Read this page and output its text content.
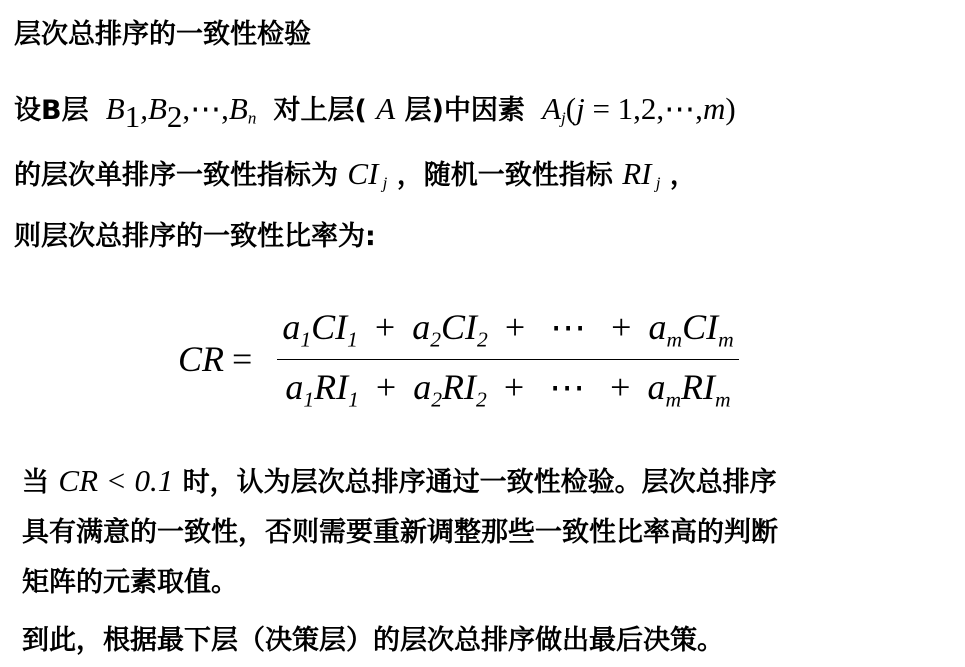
层次总排序的一致性检验
设B层  $B_1,B_2,\cdots,B_n$ 对上层( A 层)中因素  $A_j(j$ = 1,2,⋯,m)
的层次单排序一致性指标为 CI $_j$ ，随机一致性指标 RI $_j$ ，
则层次总排序的一致性比率为:
CR =
$a_1CI_1 + a_2CI_2$ + ⋯ + $a_mCI_m$
$a_1RI_1 + a_2RI_2$ + ⋯ + $a_mRI_m$
当 CR < 0.1 时，认为层次总排序通过一致性检验。层次总排序
具有满意的一致性，否则需要重新调整那些一致性比率高的判断
矩阵的元素取值。
到此，根据最下层（决策层）的层次总排序做出最后决策。
